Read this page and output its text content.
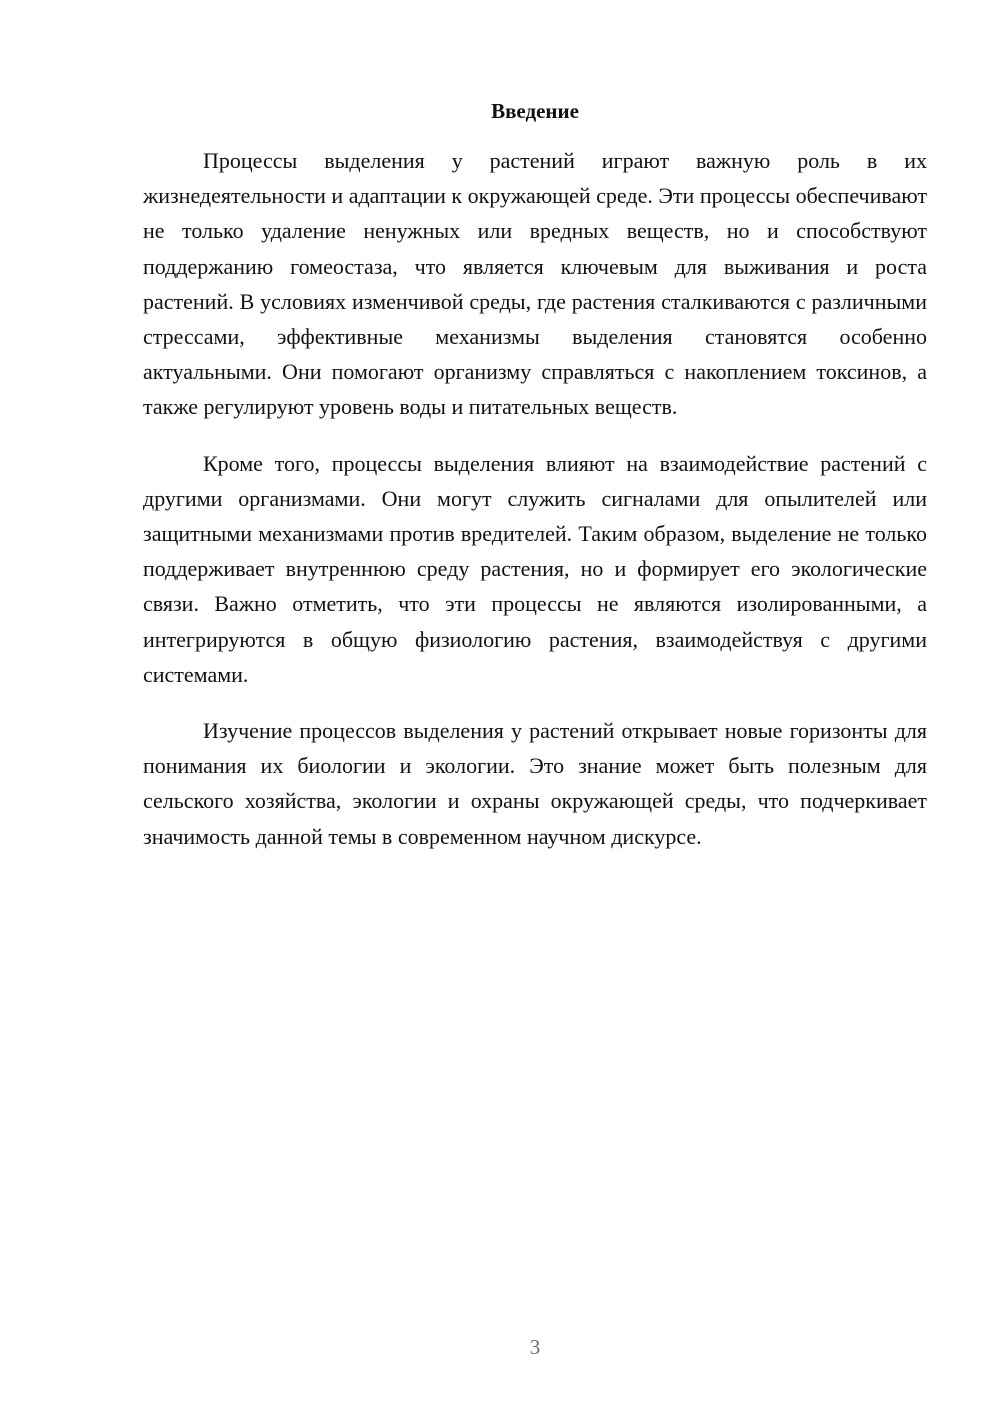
Введение

Процессы выделения у растений играют важную роль в их жизнедеятельности и адаптации к окружающей среде. Эти процессы обеспечивают не только удаление ненужных или вредных веществ, но и способствуют поддержанию гомеостаза, что является ключевым для выживания и роста растений. В условиях изменчивой среды, где растения сталкиваются с различными стрессами, эффективные механизмы выделения становятся особенно актуальными. Они помогают организму справляться с накоплением токсинов, а также регулируют уровень воды и питательных веществ.

Кроме того, процессы выделения влияют на взаимодействие растений с другими организмами. Они могут служить сигналами для опылителей или защитными механизмами против вредителей. Таким образом, выделение не только поддерживает внутреннюю среду растения, но и формирует его экологические связи. Важно отметить, что эти процессы не являются изолированными, а интегрируются в общую физиологию растения, взаимодействуя с другими системами.

Изучение процессов выделения у растений открывает новые горизонты для понимания их биологии и экологии. Это знание может быть полезным для сельского хозяйства, экологии и охраны окружающей среды, что подчеркивает значимость данной темы в современном научном дискурсе.

3
